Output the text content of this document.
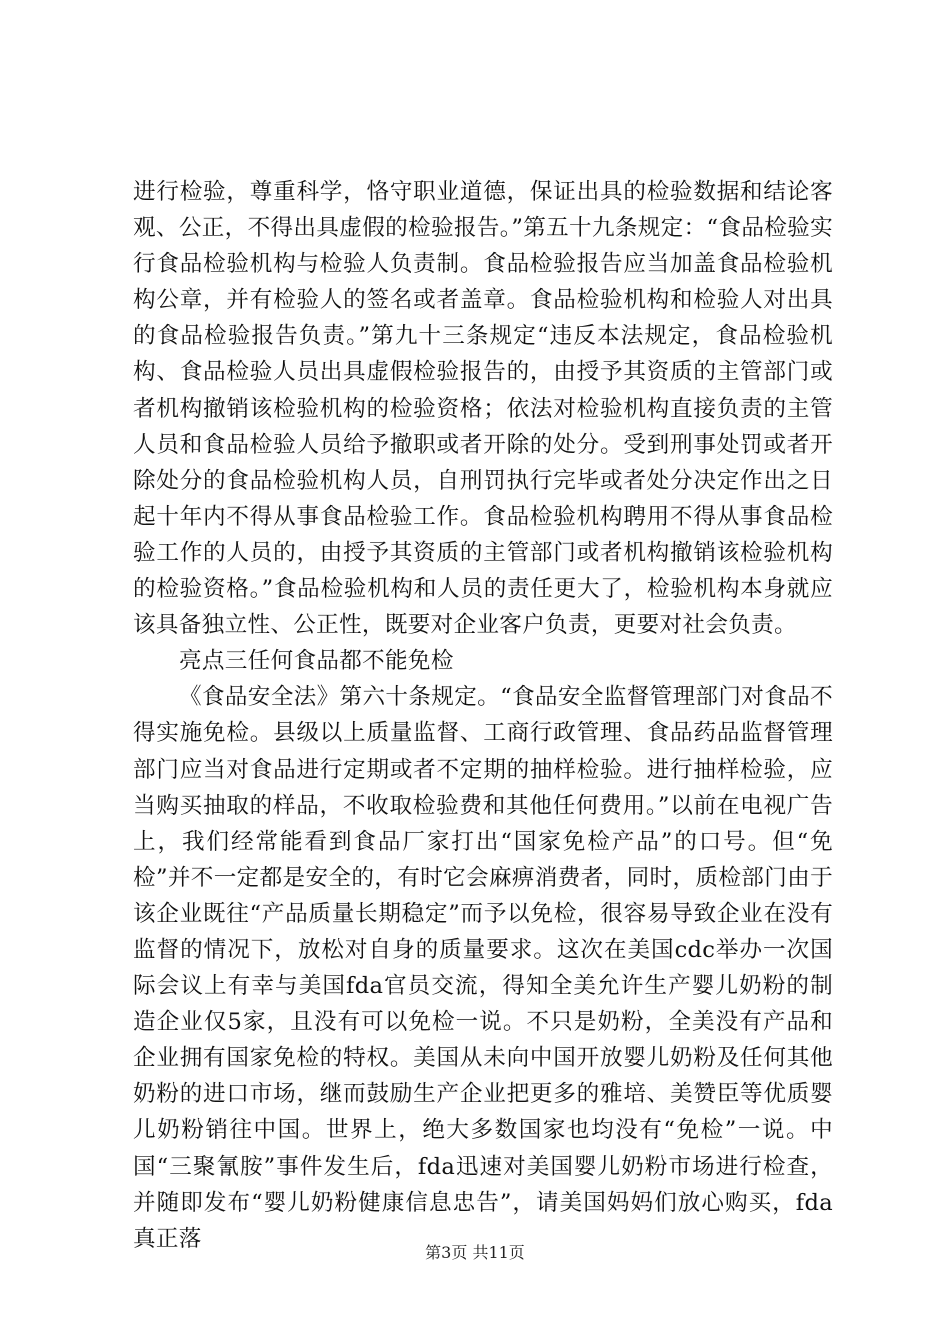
进行检验，尊重科学，恪守职业道德，保证出具的检验数据和结论客观、公正，不得出具虚假的检验报告。”第五十九条规定：“食品检验实行食品检验机构与检验人负责制。食品检验报告应当加盖食品检验机构公章，并有检验人的签名或者盖章。食品检验机构和检验人对出具的食品检验报告负责。”第九十三条规定“违反本法规定，食品检验机构、食品检验人员出具虚假检验报告的，由授予其资质的主管部门或者机构撤销该检验机构的检验资格；依法对检验机构直接负责的主管人员和食品检验人员给予撤职或者开除的处分。受到刑事处罚或者开除处分的食品检验机构人员，自刑罚执行完毕或者处分决定作出之日起十年内不得从事食品检验工作。食品检验机构聘用不得从事食品检验工作的人员的，由授予其资质的主管部门或者机构撤销该检验机构的检验资格。”食品检验机构和人员的责任更大了，检验机构本身就应该具备独立性、公正性，既要对企业客户负责，更要对社会负责。

亮点三任何食品都不能免检

《食品安全法》第六十条规定。“食品安全监督管理部门对食品不得实施免检。县级以上质量监督、工商行政管理、食品药品监督管理部门应当对食品进行定期或者不定期的抽样检验。进行抽样检验，应当购买抽取的样品，不收取检验费和其他任何费用。”以前在电视广告上，我们经常能看到食品厂家打出“国家免检产品”的口号。但“免检”并不一定都是安全的，有时它会麻痹消费者，同时，质检部门由于该企业既往“产品质量长期稳定”而予以免检，很容易导致企业在没有监督的情况下，放松对自身的质量要求。这次在美国cdc举办一次国际会议上有幸与美国fda官员交流，得知全美允许生产婴儿奶粉的制造企业仅5家，且没有可以免检一说。不只是奶粉，全美没有产品和企业拥有国家免检的特权。美国从未向中国开放婴儿奶粉及任何其他奶粉的进口市场，继而鼓励生产企业把更多的雅培、美赞臣等优质婴儿奶粉销往中国。世界上，绝大多数国家也均没有“免检”一说。中国“三聚氰胺”事件发生后，fda迅速对美国婴儿奶粉市场进行检查，并随即发布“婴儿奶粉健康信息忠告”，请美国妈妈们放心购买，fda真正落

第3页 共11页
